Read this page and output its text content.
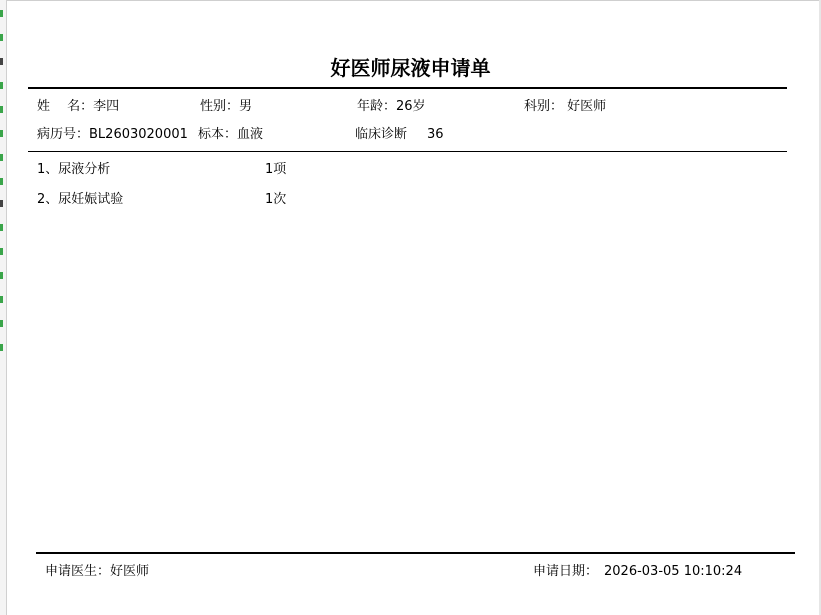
好医师尿液申请单
姓　 名：李四	性别：男	年龄：26岁	科别： 好医师
病历号：BL2603020001 标本：血液	临床诊断 36
1、尿液分析	1项
2、尿妊娠试验	1次
申请医生：好医师	申请日期： 2026-03-05 10:10:24
